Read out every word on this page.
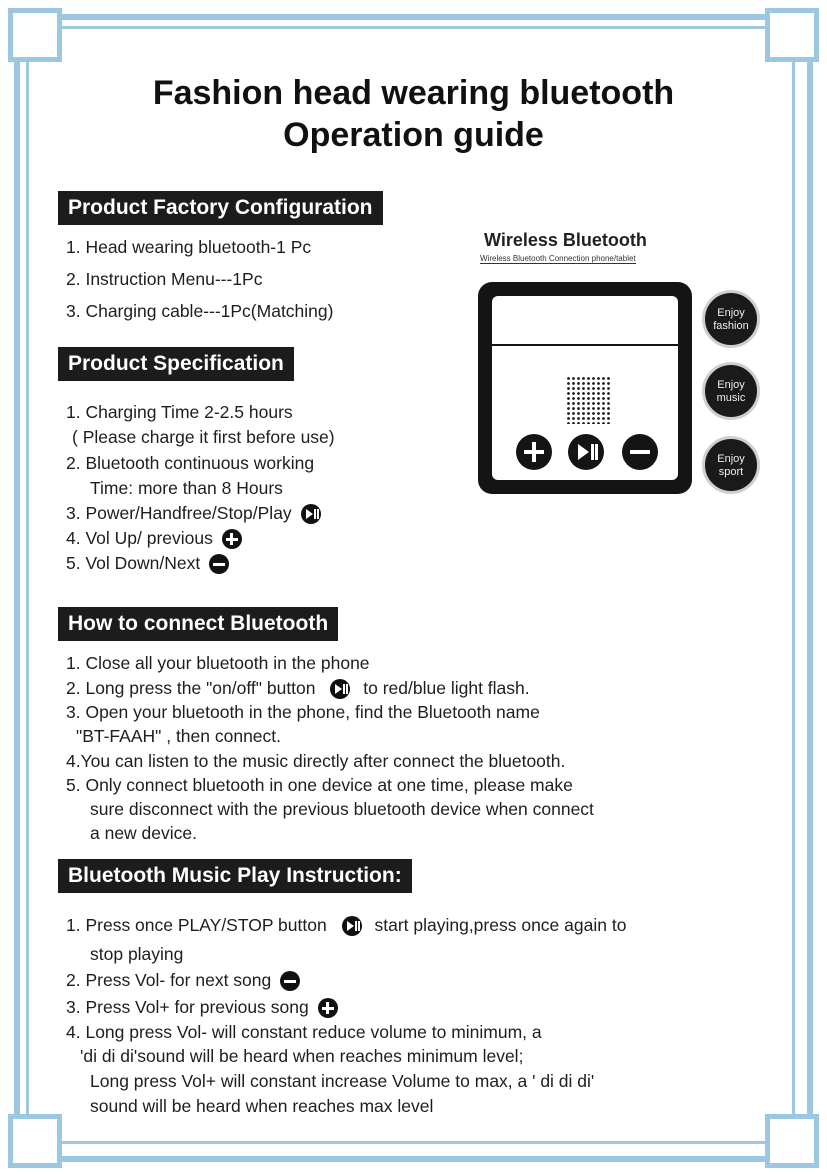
Fashion head wearing bluetooth
Operation guide
Product Factory Configuration
1. Head wearing bluetooth-1 Pc
2. Instruction Menu---1Pc
3. Charging cable---1Pc(Matching)
Product Specification
1. Charging Time 2-2.5 hours
( Please charge it first before use)
2. Bluetooth continuous working
Time: more than 8 Hours
3. Power/Handfree/Stop/Play
4. Vol Up/ previous
5. Vol Down/Next
Wireless Bluetooth
Wireless Bluetooth Connection phone/tablet
Enjoy
fashion
Enjoy
music
Enjoy
sport
How to connect Bluetooth
1. Close all your bluetooth in the phone
2. Long press the "on/off" button	to red/blue light flash.
3. Open your bluetooth in the phone, find the Bluetooth name
"BT-FAAH" , then connect.
4.You can listen to the music directly after connect the bluetooth.
5. Only connect bluetooth in one device at one time, please make
sure disconnect with the previous bluetooth device when connect
a new device.
Bluetooth Music Play Instruction:
1. Press once PLAY/STOP button	start playing,press once again to
stop playing
2. Press Vol- for next song
3. Press Vol+ for previous song
4. Long press Vol- will constant reduce volume to minimum, a
'di di di'sound will be heard when reaches minimum level;
Long press Vol+ will constant increase Volume to max, a ' di di di'
sound will be heard when reaches max level
